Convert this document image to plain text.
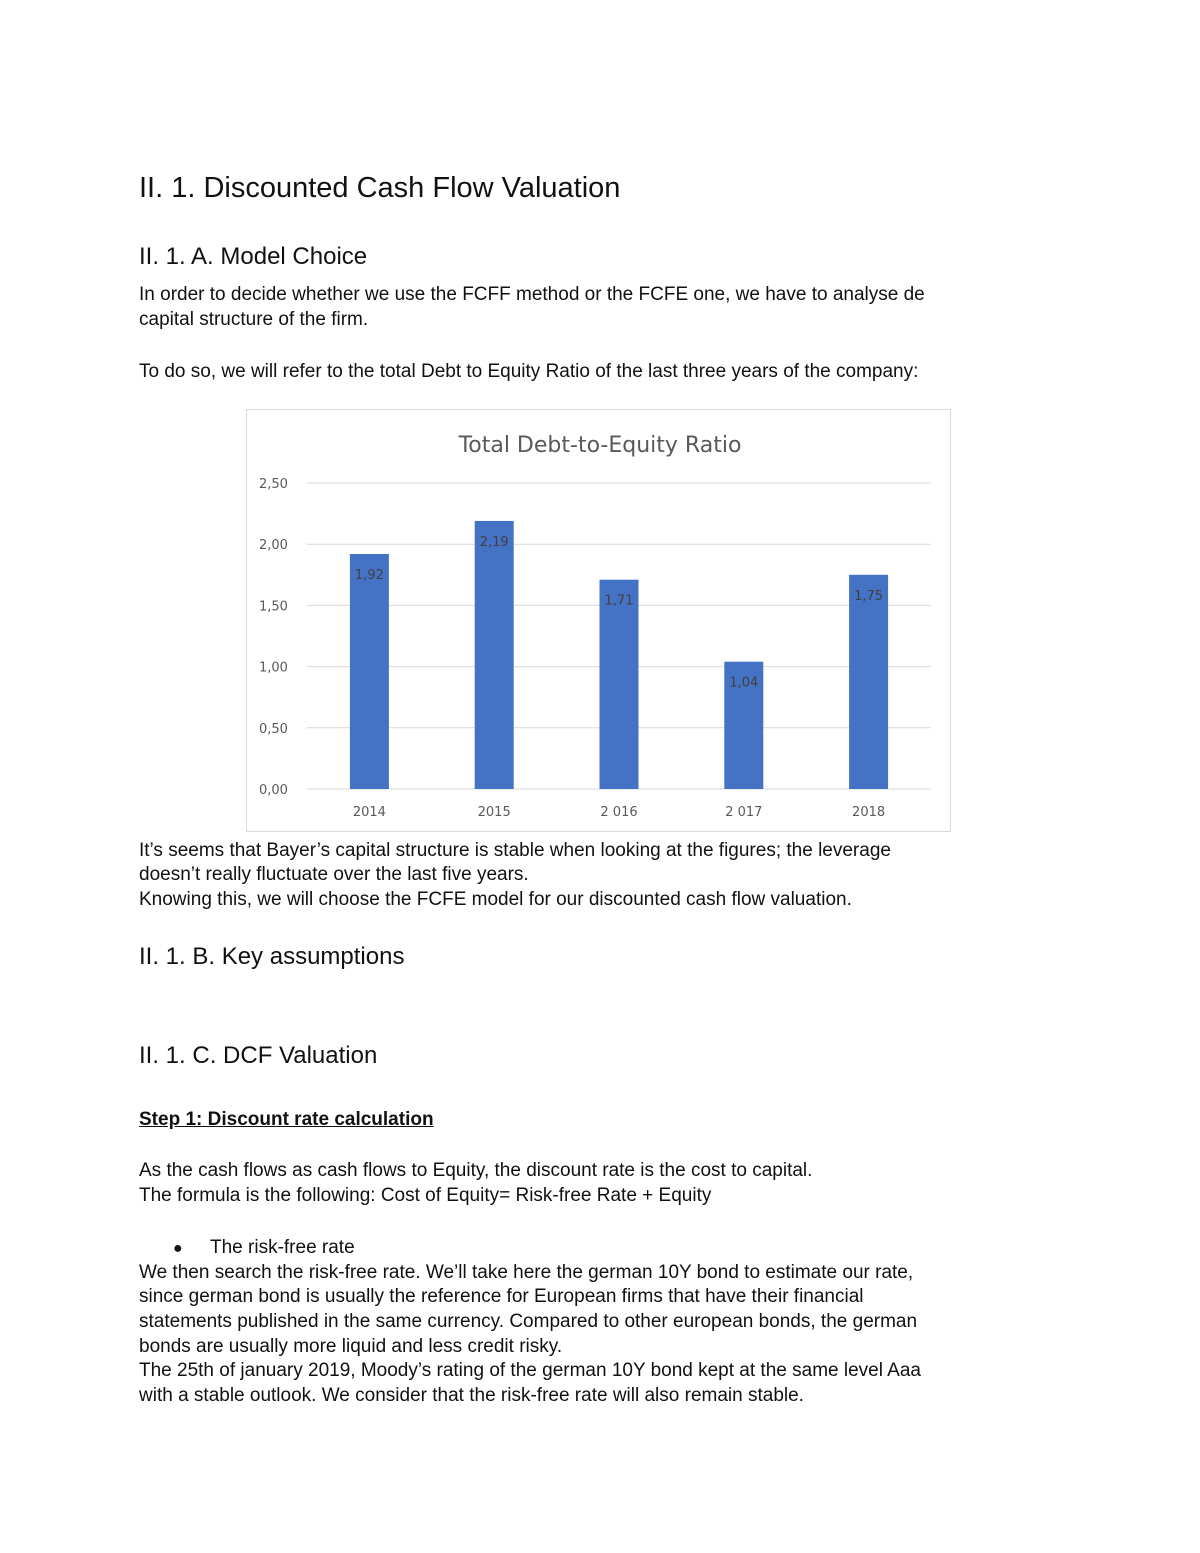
II. 1. Discounted Cash Flow Valuation
II. 1. A. Model Choice

In order to decide whether we use the FCFF method or the FCFE one, we have to analyse de

capital structure of the firm.

To do so, we will refer to the total Debt to Equity Ratio of the last three years of the company:

It’s seems that Bayer’s capital structure is stable when looking at the figures; the leverage

doesn’t really fluctuate over the last five years.

Knowing this, we will choose the FCFE model for our discounted cash flow valuation.

II. 1. B. Key assumptions
II. 1. C. DCF Valuation

Step 1: Discount rate calculation

As the cash flows as cash flows to Equity, the discount rate is the cost to capital.

The formula is the following: Cost of Equity= Risk-free Rate + Equity

● The risk-free rate

We then search the risk-free rate. We’ll take here the german 10Y bond to estimate our rate,

since german bond is usually the reference for European firms that have their financial

statements published in the same currency. Compared to other european bonds, the german

bonds are usually more liquid and less credit risky.

The 25th of january 2019, Moody’s rating of the german 10Y bond kept at the same level Aaa

with a stable outlook. We consider that the risk-free rate will also remain stable.

Total Debt-to-Equity Ratio
0,00
0,50
1,00
1,50
2,00
2,50
1,92
2014
2,19
2015
1,71
2 016
1,04
2 017
1,75
2018
